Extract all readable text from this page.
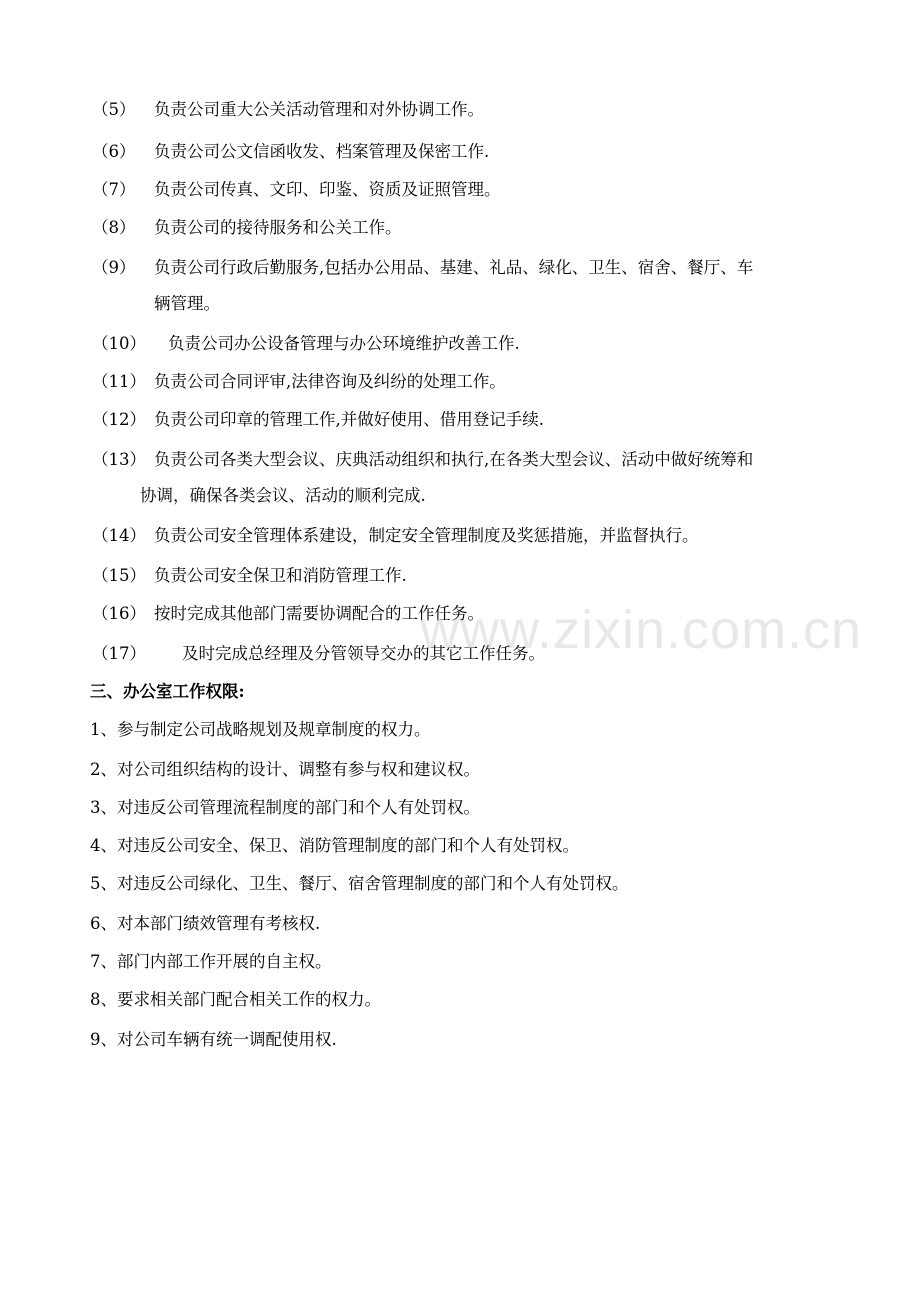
（5） 负责公司重大公关活动管理和对外协调工作。
（6） 负责公司公文信函收发、档案管理及保密工作.
（7） 负责公司传真、文印、印鉴、资质及证照管理。
（8） 负责公司的接待服务和公关工作。
（9） 负责公司行政后勤服务,包括办公用品、基建、礼品、绿化、卫生、宿舍、餐厅、车
辆管理。
（10） 负责公司办公设备管理与办公环境维护改善工作.
（11） 负责公司合同评审,法律咨询及纠纷的处理工作。
（12） 负责公司印章的管理工作,并做好使用、借用登记手续.
（13） 负责公司各类大型会议、庆典活动组织和执行,在各类大型会议、活动中做好统筹和
协调，确保各类会议、活动的顺利完成.
（14） 负责公司安全管理体系建设，制定安全管理制度及奖惩措施，并监督执行。
（15） 负责公司安全保卫和消防管理工作.
（16） 按时完成其他部门需要协调配合的工作任务。
（17） 及时完成总经理及分管领导交办的其它工作任务。
三、办公室工作权限:
1、参与制定公司战略规划及规章制度的权力。
2、对公司组织结构的设计、调整有参与权和建议权。
3、对违反公司管理流程制度的部门和个人有处罚权。
4、对违反公司安全、保卫、消防管理制度的部门和个人有处罚权。
5、对违反公司绿化、卫生、餐厅、宿舍管理制度的部门和个人有处罚权。
6、对本部门绩效管理有考核权.
7、部门内部工作开展的自主权。
8、要求相关部门配合相关工作的权力。
9、对公司车辆有统一调配使用权.
www.zixin.com.cn
